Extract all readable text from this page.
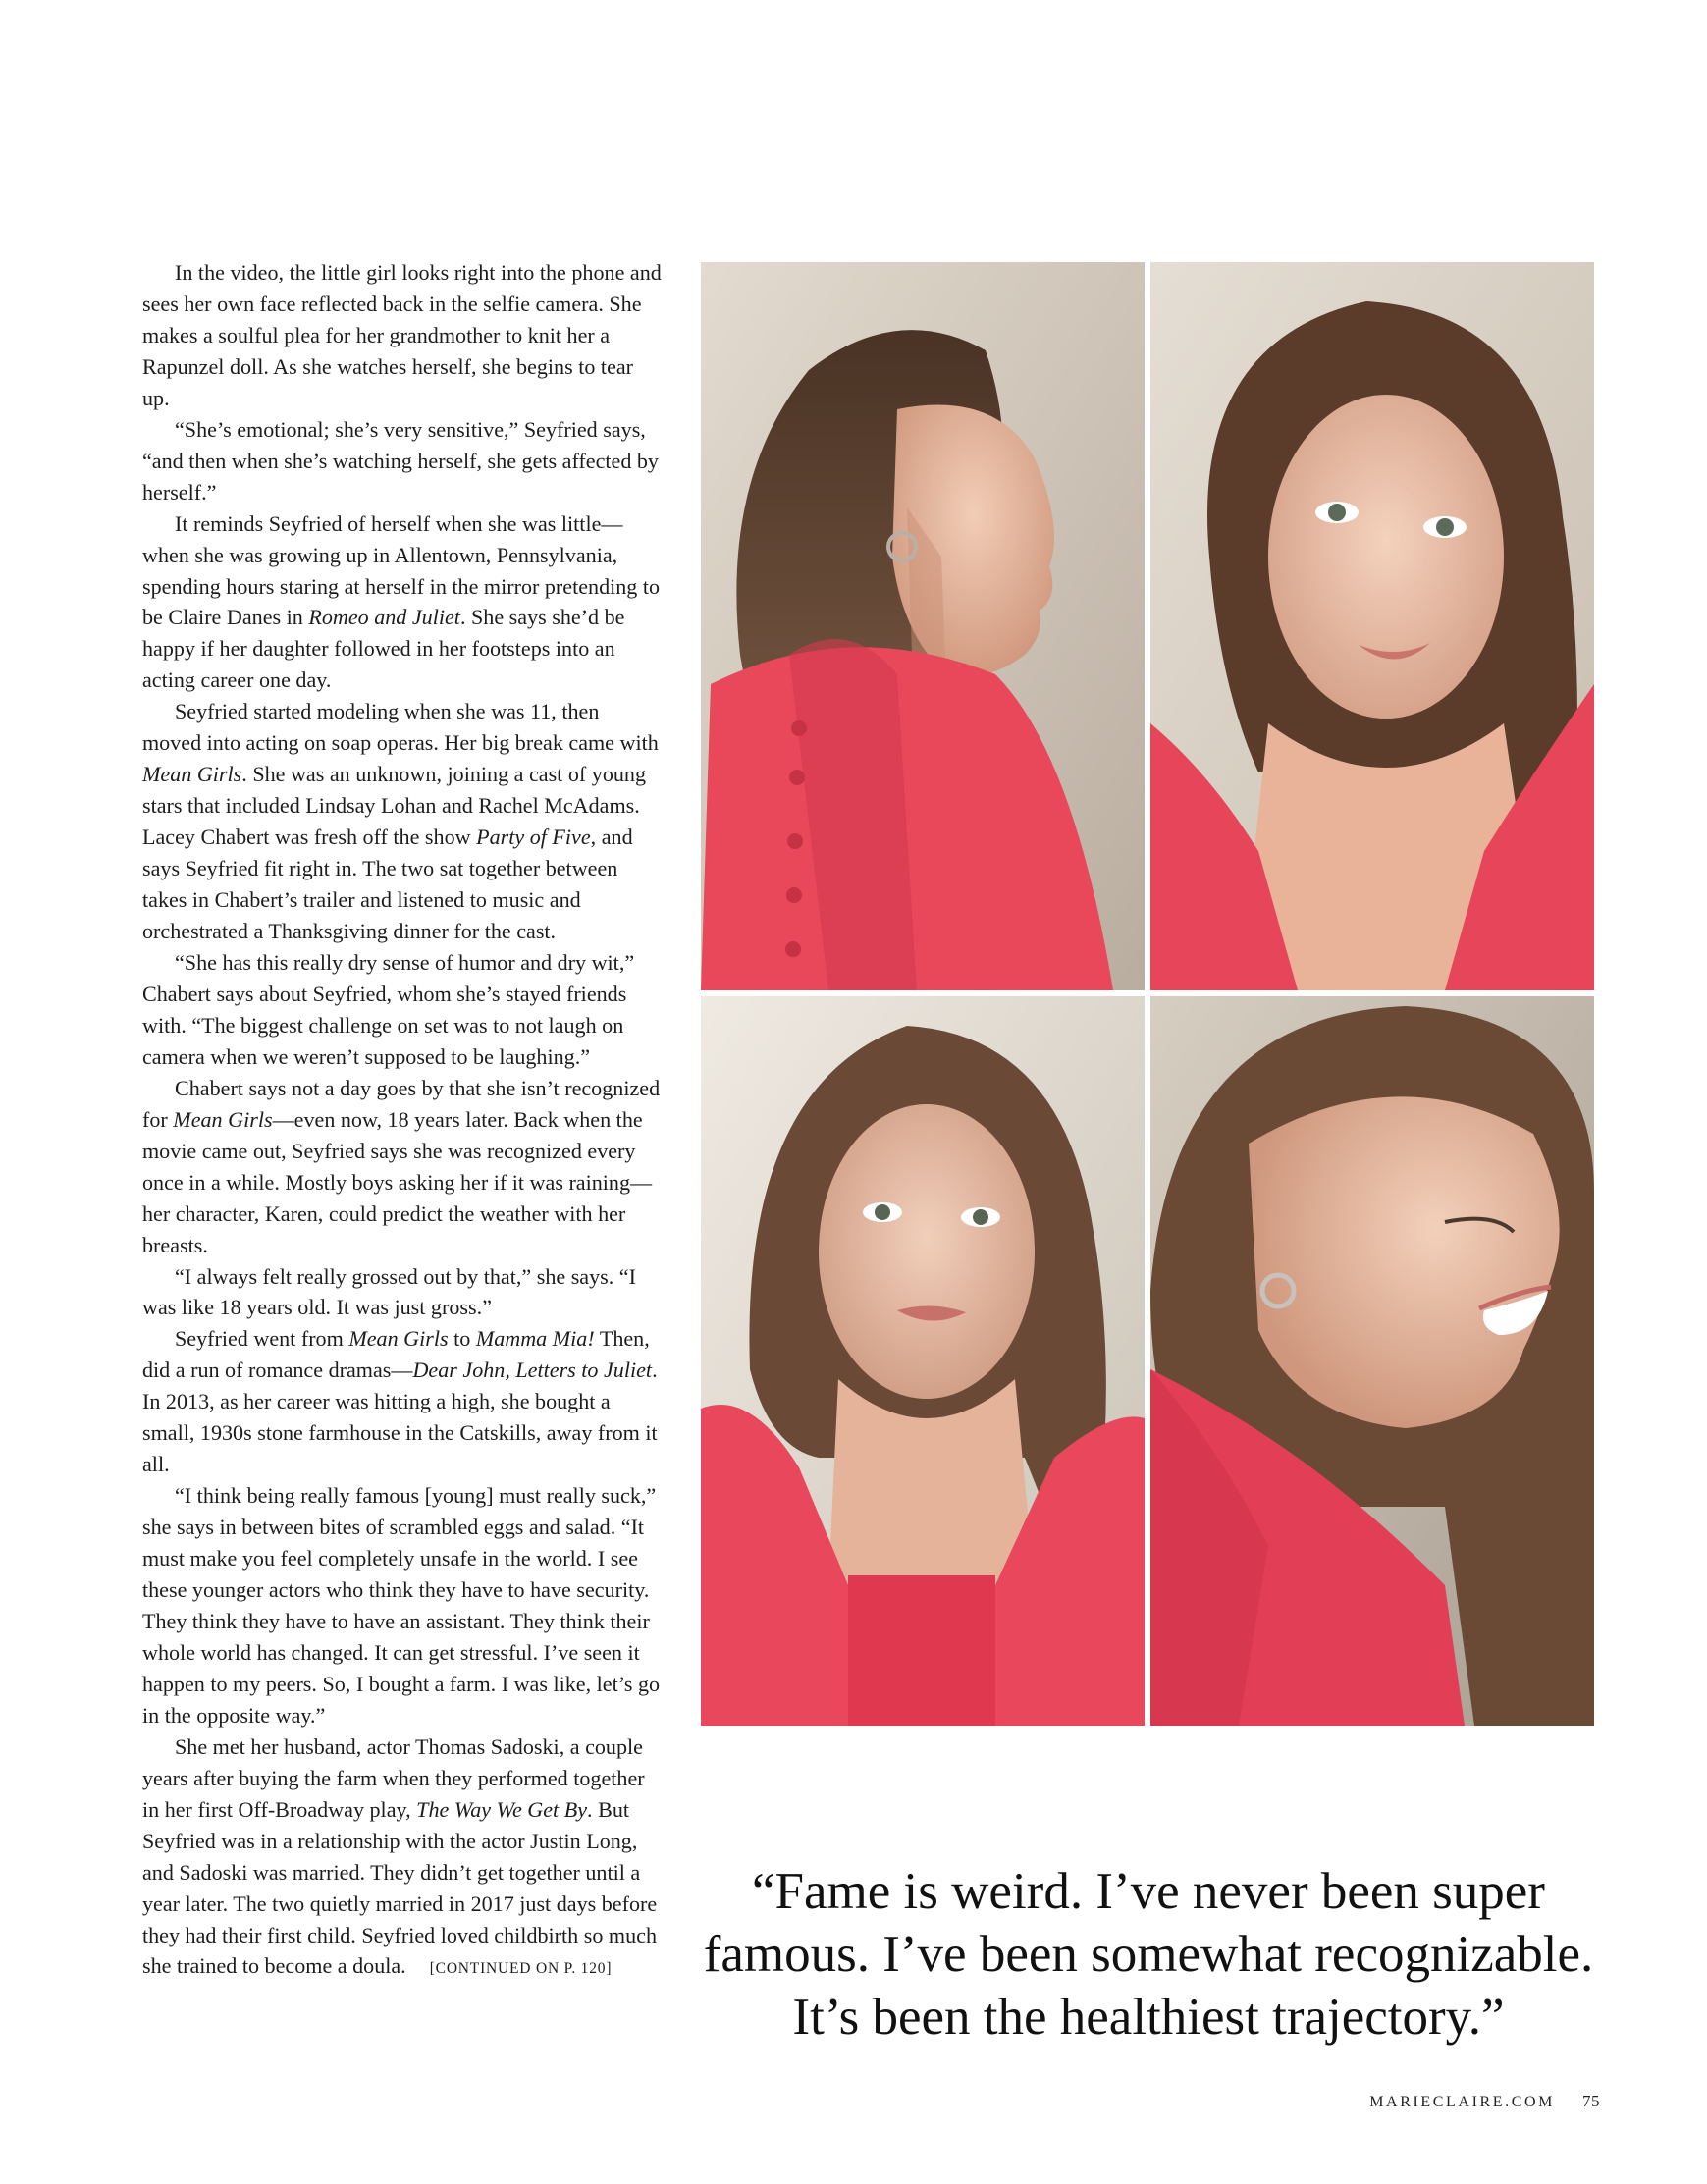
In the video, the little girl looks right into the phone and sees her own face reflected back in the selfie camera. She makes a soulful plea for her grandmother to knit her a Rapunzel doll. As she watches herself, she begins to tear up.

“She’s emotional; she’s very sensitive,” Seyfried says, “and then when she’s watching herself, she gets affected by herself.”

It reminds Seyfried of herself when she was little—when she was growing up in Allentown, Pennsylvania, spending hours staring at herself in the mirror pretending to be Claire Danes in Romeo and Juliet. She says she’d be happy if her daughter followed in her footsteps into an acting career one day.

Seyfried started modeling when she was 11, then moved into acting on soap operas. Her big break came with Mean Girls. She was an unknown, joining a cast of young stars that included Lindsay Lohan and Rachel McAdams. Lacey Chabert was fresh off the show Party of Five, and says Seyfried fit right in. The two sat together between takes in Chabert’s trailer and listened to music and orchestrated a Thanksgiving dinner for the cast.

“She has this really dry sense of humor and dry wit,” Chabert says about Seyfried, whom she’s stayed friends with. “The biggest challenge on set was to not laugh on camera when we weren’t supposed to be laughing.”

Chabert says not a day goes by that she isn’t recognized for Mean Girls—even now, 18 years later. Back when the movie came out, Seyfried says she was recognized every once in a while. Mostly boys asking her if it was raining—her character, Karen, could predict the weather with her breasts.

“I always felt really grossed out by that,” she says. “I was like 18 years old. It was just gross.”

Seyfried went from Mean Girls to Mamma Mia! Then, did a run of romance dramas—Dear John, Letters to Juliet. In 2013, as her career was hitting a high, she bought a small, 1930s stone farmhouse in the Catskills, away from it all.

“I think being really famous [young] must really suck,” she says in between bites of scrambled eggs and salad. “It must make you feel completely unsafe in the world. I see these younger actors who think they have to have security. They think they have to have an assistant. They think their whole world has changed. It can get stressful. I’ve seen it happen to my peers. So, I bought a farm. I was like, let’s go in the opposite way.”

She met her husband, actor Thomas Sadoski, a couple years after buying the farm when they performed together in her first Off-Broadway play, The Way We Get By. But Seyfried was in a relationship with the actor Justin Long, and Sadoski was married. They didn’t get together until a year later. The two quietly married in 2017 just days before they had their first child. Seyfried loved childbirth so much she trained to become a doula. [CONTINUED ON P. 120]

“Fame is weird. I’ve never been super
famous. I’ve been somewhat recognizable.
It’s been the healthiest trajectory.”
MARIECLAIRE.COM 75
